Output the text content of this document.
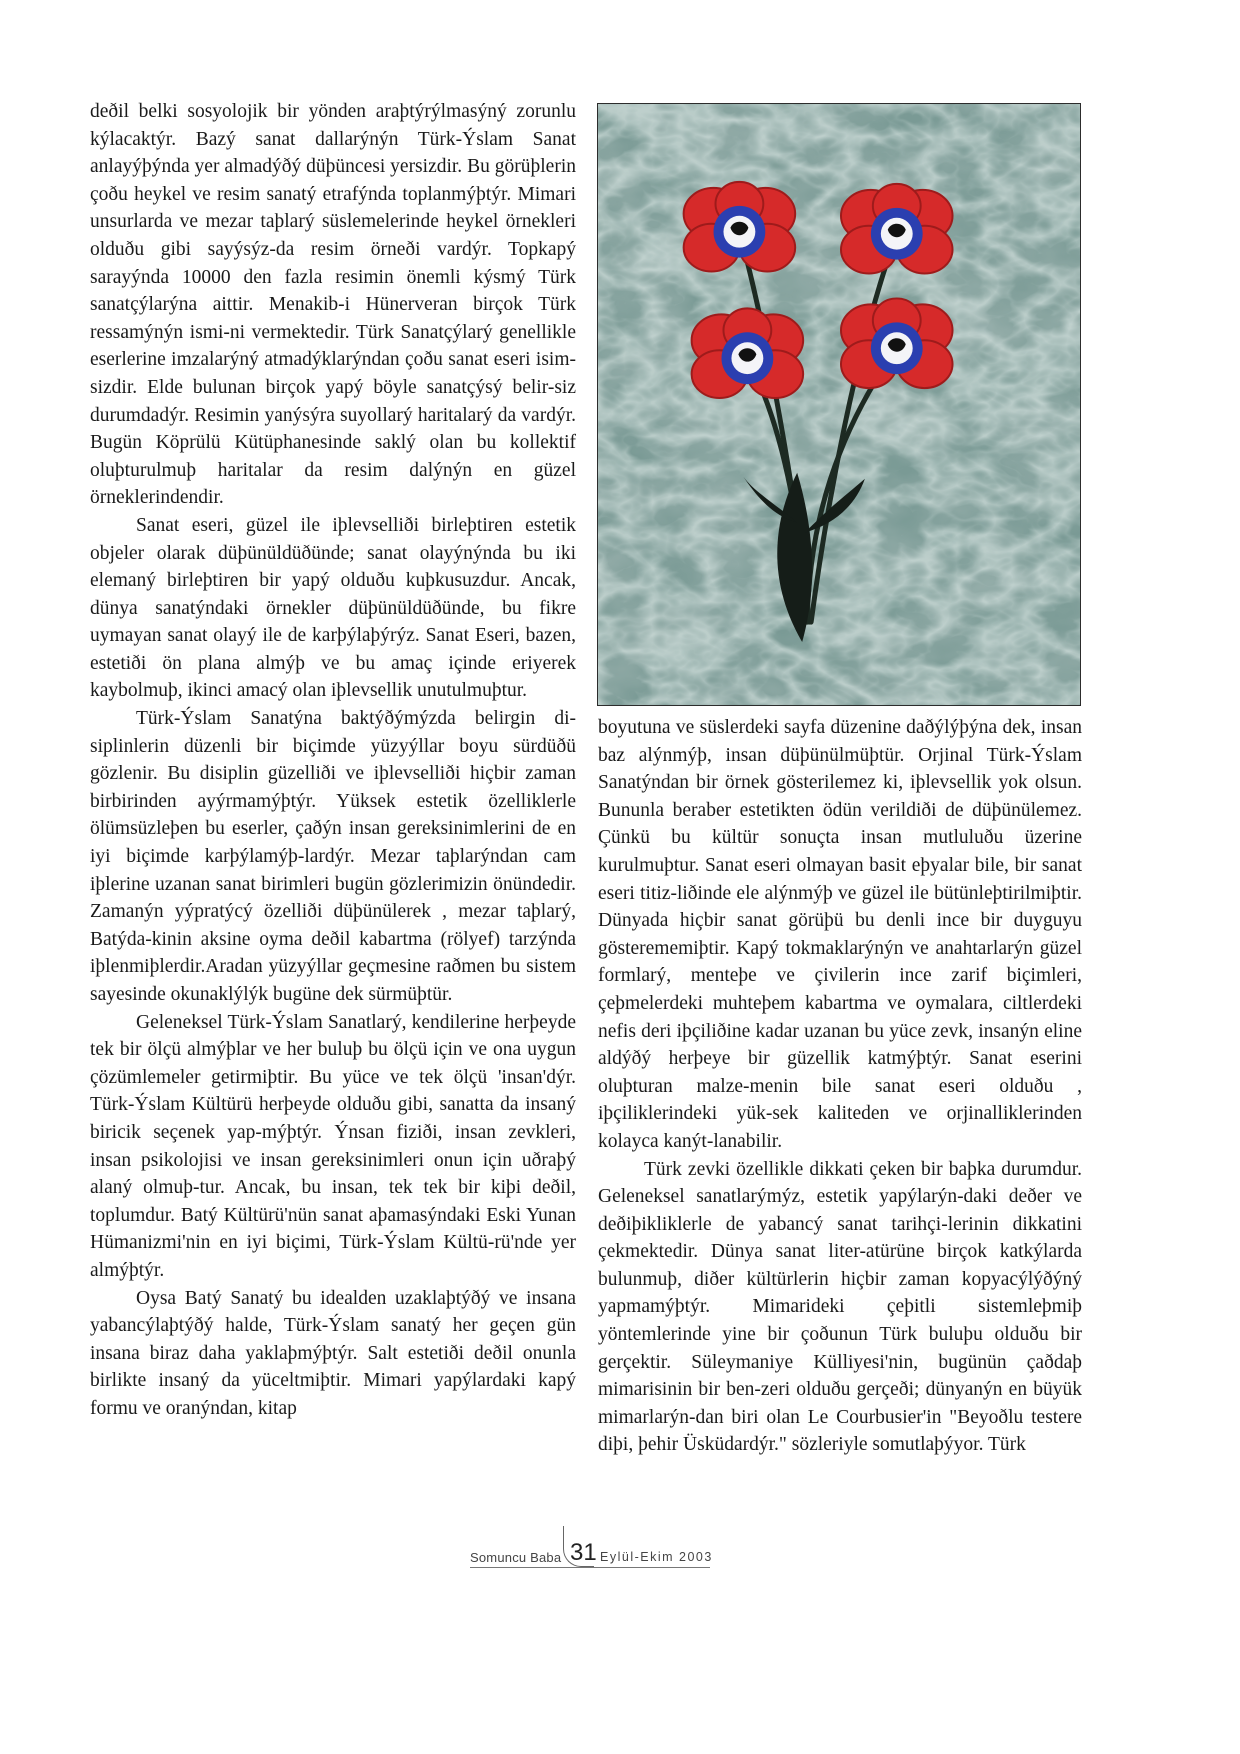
deðil belki sosyolojik bir yönden araþtýrýlmasýný zorunlu kýlacaktýr. Bazý sanat dallarýnýn Türk-Ýslam Sanat anlayýþýnda yer almadýðý düþüncesi yersizdir. Bu görüþlerin çoðu heykel ve resim sanatý etrafýnda toplanmýþtýr. Mimari unsurlarda ve mezar taþlarý süslemelerinde heykel örnekleri olduðu gibi sayýsýz-da resim örneði vardýr. Topkapý sarayýnda 10000 den fazla resimin önemli kýsmý Türk sanatçýlarýna aittir. Menakib-i Hünerveran birçok Türk ressamýnýn ismi-ni vermektedir. Türk Sanatçýlarý genellikle eserlerine imzalarýný atmadýklarýndan çoðu sanat eseri isim-sizdir. Elde bulunan birçok yapý böyle sanatçýsý belir-siz durumdadýr. Resimin yanýsýra suyollarý haritalarý da vardýr. Bugün Köprülü Kütüphanesinde saklý olan bu kollektif oluþturulmuþ haritalar da resim dalýnýn en güzel örneklerindendir.

Sanat eseri, güzel ile iþlevselliði birleþtiren estetik objeler olarak düþünüldüðünde; sanat olayýnýnda bu iki elemaný birleþtiren bir yapý olduðu kuþkusuzdur. Ancak, dünya sanatýndaki örnekler düþünüldüðünde, bu fikre uymayan sanat olayý ile de karþýlaþýrýz. Sanat Eseri, bazen, estetiði ön plana almýþ ve bu amaç içinde eriyerek kaybolmuþ, ikinci amacý olan iþlevsellik unutulmuþtur.

Türk-Ýslam Sanatýna baktýðýmýzda belirgin di-siplinlerin düzenli bir biçimde yüzyýllar boyu sürdüðü gözlenir. Bu disiplin güzelliði ve iþlevselliði hiçbir zaman birbirinden ayýrmamýþtýr. Yüksek estetik özelliklerle ölümsüzleþen bu eserler, çaðýn insan gereksinimlerini de en iyi biçimde karþýlamýþ-lardýr. Mezar taþlarýndan cam iþlerine uzanan sanat birimleri bugün gözlerimizin önündedir. Zamanýn yýpratýcý özelliði düþünülerek , mezar taþlarý, Batýda-kinin aksine oyma deðil kabartma (rölyef) tarzýnda iþlenmiþlerdir.Aradan yüzyýllar geçmesine raðmen bu sistem sayesinde okunaklýlýk bugüne dek sürmüþtür.

Geleneksel Türk-Ýslam Sanatlarý, kendilerine herþeyde tek bir ölçü almýþlar ve her buluþ bu ölçü için ve ona uygun çözümlemeler getirmiþtir. Bu yüce ve tek ölçü 'insan'dýr. Türk-Ýslam Kültürü herþeyde olduðu gibi, sanatta da insaný biricik seçenek yap-mýþtýr. Ýnsan fiziði, insan zevkleri, insan psikolojisi ve insan gereksinimleri onun için uðraþý alaný olmuþ-tur. Ancak, bu insan, tek tek bir kiþi deðil, toplumdur. Batý Kültürü'nün sanat aþamasýndaki Eski Yunan Hümanizmi'nin en iyi biçimi, Türk-Ýslam Kültü-rü'nde yer almýþtýr.

Oysa Batý Sanatý bu idealden uzaklaþtýðý ve insana yabancýlaþtýðý halde, Türk-Ýslam sanatý her geçen gün insana biraz daha yaklaþmýþtýr. Salt estetiði deðil onunla birlikte insaný da yüceltmiþtir. Mimari yapýlardaki kapý formu ve oranýndan, kitap

boyutuna ve süslerdeki sayfa düzenine daðýlýþýna dek, insan baz alýnmýþ, insan düþünülmüþtür. Orjinal Türk-Ýslam Sanatýndan bir örnek gösterilemez ki, iþlevsellik yok olsun. Bununla beraber estetikten ödün verildiði de düþünülemez. Çünkü bu kültür sonuçta insan mutluluðu üzerine kurulmuþtur. Sanat eseri olmayan basit eþyalar bile, bir sanat eseri titiz-liðinde ele alýnmýþ ve güzel ile bütünleþtirilmiþtir. Dünyada hiçbir sanat görüþü bu denli ince bir duyguyu gösterememiþtir. Kapý tokmaklarýnýn ve anahtarlarýn güzel formlarý, menteþe ve çivilerin ince zarif biçimleri, çeþmelerdeki muhteþem kabartma ve oymalara, ciltlerdeki nefis deri iþçiliðine kadar uzanan bu yüce zevk, insanýn eline aldýðý herþeye bir güzellik katmýþtýr. Sanat eserini oluþturan malze-menin bile sanat eseri olduðu , iþçiliklerindeki yük-sek kaliteden ve orjinalliklerinden kolayca kanýt-lanabilir.

Türk zevki özellikle dikkati çeken bir baþka durumdur. Geleneksel sanatlarýmýz, estetik yapýlarýn-daki deðer ve deðiþikliklerle de yabancý sanat tarihçi-lerinin dikkatini çekmektedir. Dünya sanat liter-atürüne birçok katkýlarda bulunmuþ, diðer kültürlerin hiçbir zaman kopyacýlýðýný yapmamýþtýr. Mimarideki çeþitli sistemleþmiþ yöntemlerinde yine bir çoðunun Türk buluþu olduðu bir gerçektir. Süleymaniye Külliyesi'nin, bugünün çaðdaþ mimarisinin bir ben-zeri olduðu gerçeði; dünyanýn en büyük mimarlarýn-dan biri olan Le Courbusier'in "Beyoðlu testere diþi, þehir Üsküdardýr." sözleriyle somutlaþýyor. Türk

Somuncu Baba 31 Eylül-Ekim 2003
